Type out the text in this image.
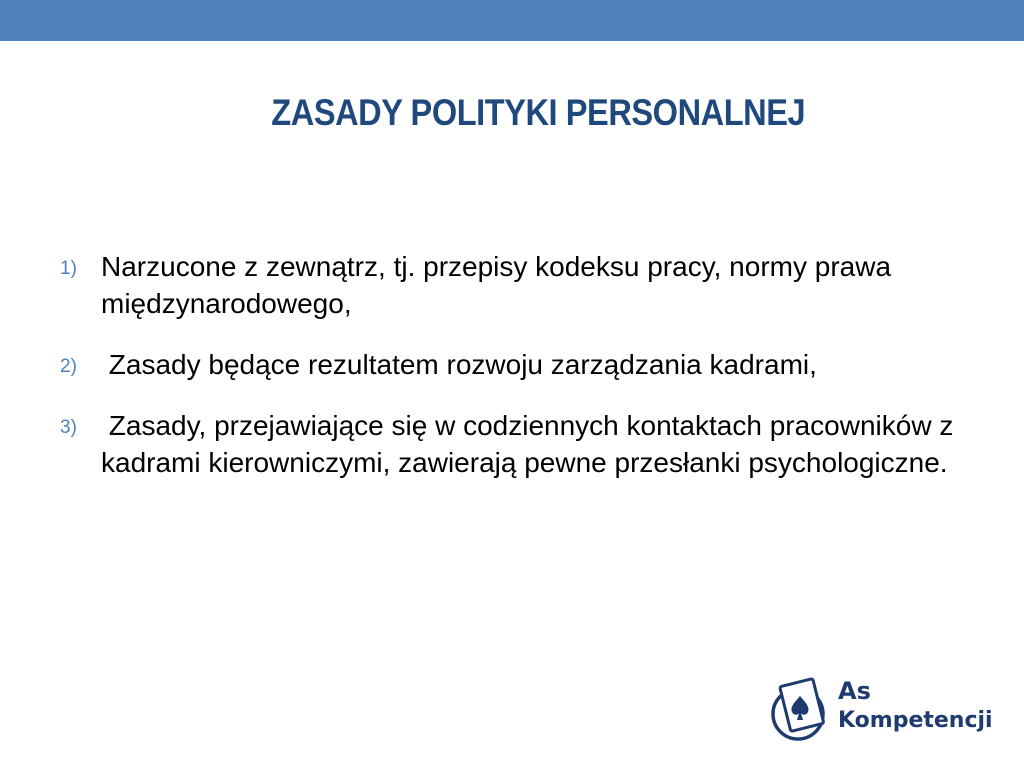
ZASADY POLITYKI PERSONALNEJ
1) Narzucone z zewnątrz, tj. przepisy kodeksu pracy, normy prawa międzynarodowego,
2) Zasady będące rezultatem rozwoju zarządzania kadrami,
3) Zasady, przejawiające się w codziennych kontaktach pracowników z kadrami kierowniczymi, zawierają pewne przesłanki psychologiczne.
As
Kompetencji
